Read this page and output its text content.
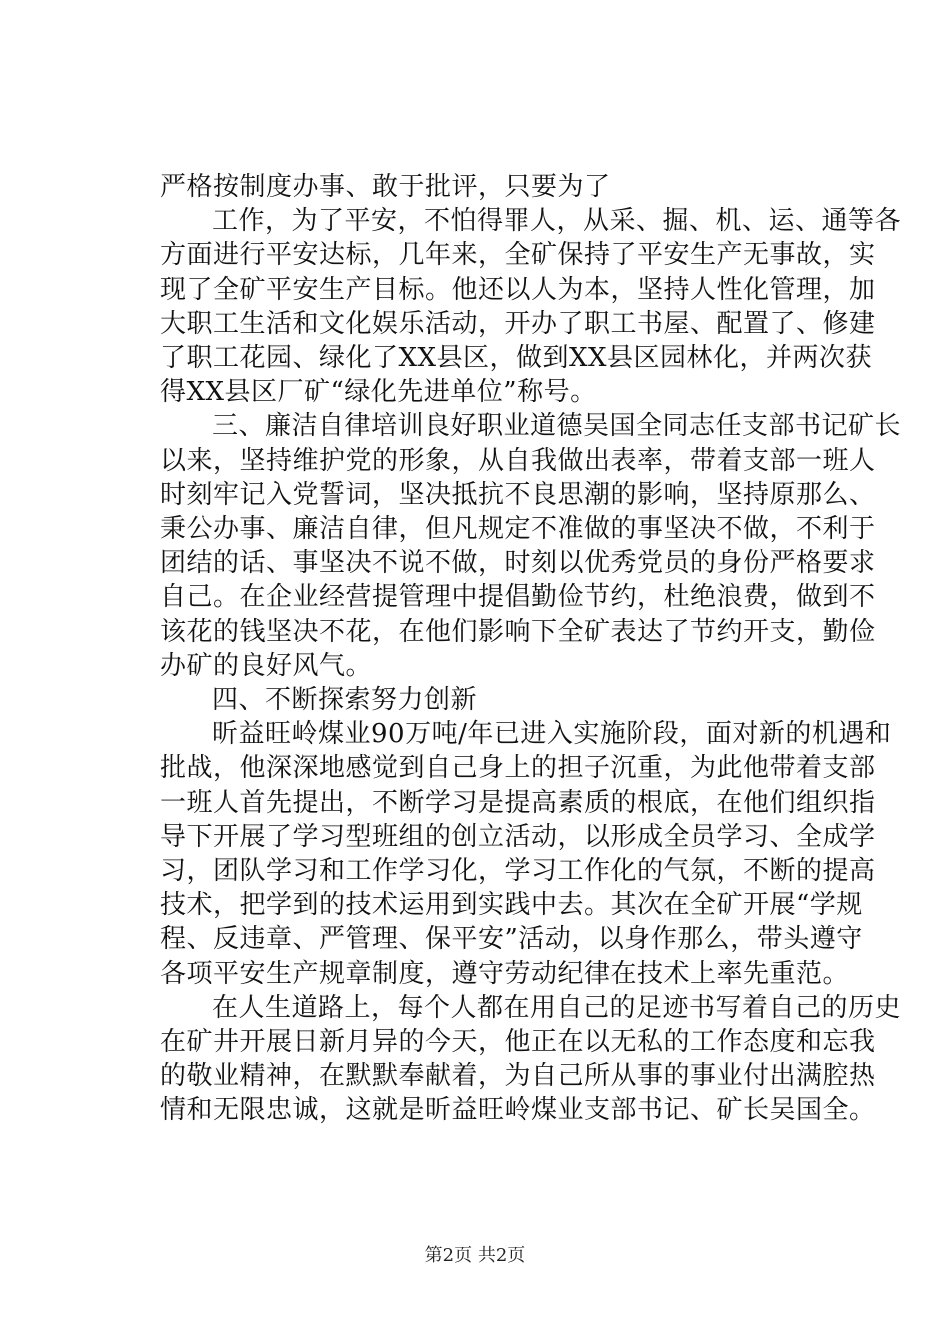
严格按制度办事、敢于批评，只要为了
工作，为了平安，不怕得罪人，从采、掘、机、运、通等各
方面进行平安达标，几年来，全矿保持了平安生产无事故，实
现了全矿平安生产目标。他还以人为本，坚持人性化管理，加
大职工生活和文化娱乐活动，开办了职工书屋、配置了、修建
了职工花园、绿化了XX县区，做到XX县区园林化，并两次获
得XX县区厂矿“绿化先进单位”称号。
三、廉洁自律培训良好职业道德吴国全同志任支部书记矿长
以来，坚持维护党的形象，从自我做出表率，带着支部一班人
时刻牢记入党誓词，坚决抵抗不良思潮的影响，坚持原那么、
秉公办事、廉洁自律，但凡规定不准做的事坚决不做，不利于
团结的话、事坚决不说不做，时刻以优秀党员的身份严格要求
自己。在企业经营提管理中提倡勤俭节约，杜绝浪费，做到不
该花的钱坚决不花，在他们影响下全矿表达了节约开支，勤俭
办矿的良好风气。
四、不断探索努力创新
昕益旺岭煤业90万吨/年已进入实施阶段，面对新的机遇和
批战，他深深地感觉到自己身上的担子沉重，为此他带着支部
一班人首先提出，不断学习是提高素质的根底，在他们组织指
导下开展了学习型班组的创立活动，以形成全员学习、全成学
习，团队学习和工作学习化，学习工作化的气氛，不断的提高
技术，把学到的技术运用到实践中去。其次在全矿开展“学规
程、反违章、严管理、保平安”活动，以身作那么，带头遵守
各项平安生产规章制度，遵守劳动纪律在技术上率先重范。
在人生道路上，每个人都在用自己的足迹书写着自己的历史
在矿井开展日新月异的今天，他正在以无私的工作态度和忘我
的敬业精神，在默默奉献着，为自己所从事的事业付出满腔热
情和无限忠诚，这就是昕益旺岭煤业支部书记、矿长吴国全。
第2页 共2页
